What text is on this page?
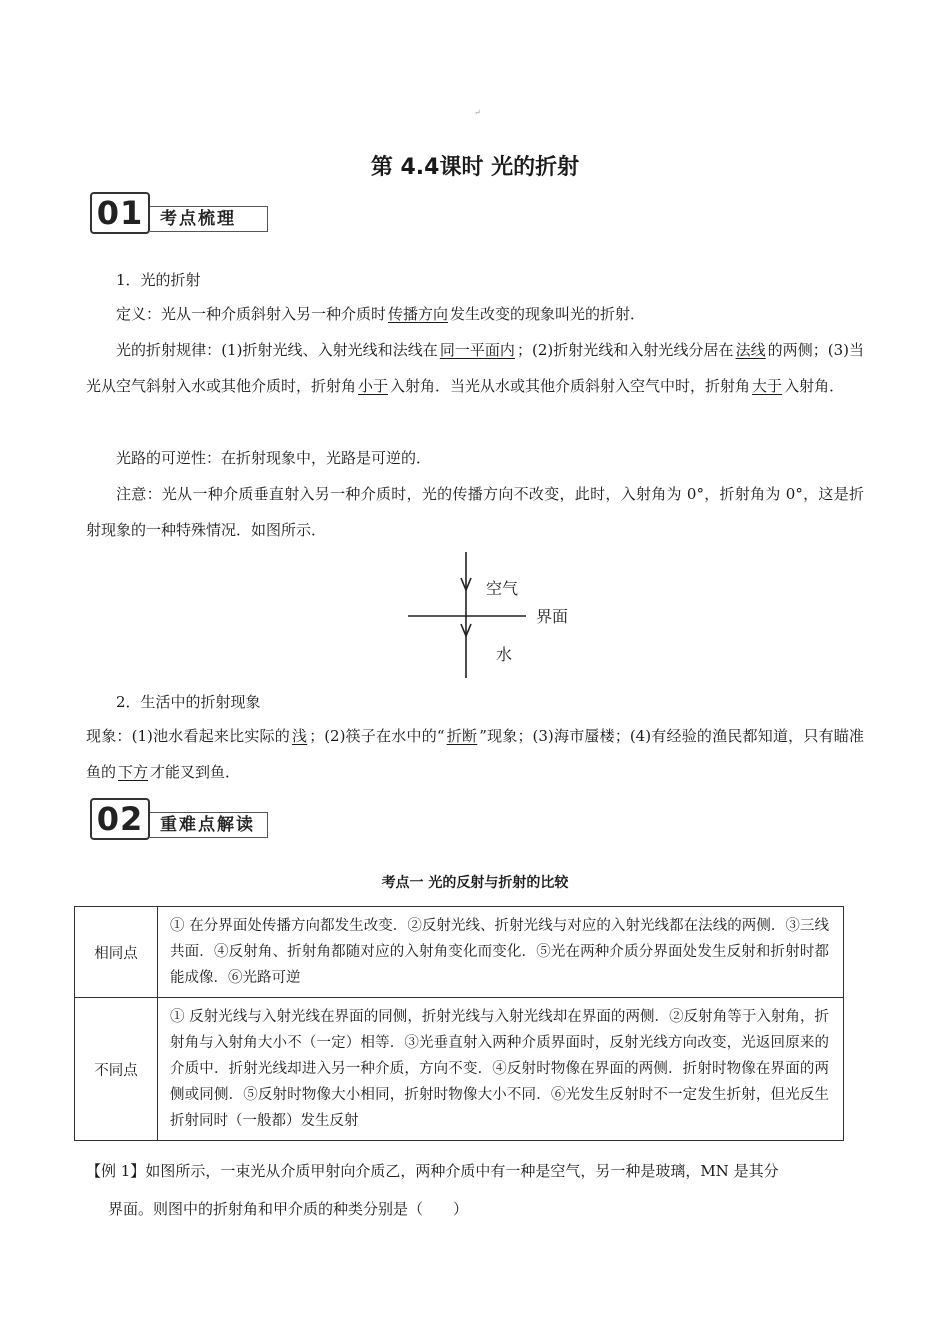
↵
第 4.4课时 光的折射
01 考点梳理
1．光的折射
定义：光从一种介质斜射入另一种介质时 传播方向 发生改变的现象叫光的折射．
光的折射规律：(1)折射光线、入射光线和法线在 同一平面内 ；(2)折射光线和入射光线分居在 法线 的两侧；(3)当光从空气斜射入水或其他介质时，折射角 小于 入射角．当光从水或其他介质斜射入空气中时，折射角 大于 入射角．
光路的可逆性：在折射现象中，光路是可逆的．
注意：光从一种介质垂直射入另一种介质时，光的传播方向不改变，此时，入射角为 0°，折射角为 0°，这是折射现象的一种特殊情况．如图所示．
空气
界面
水
2．生活中的折射现象
现象：(1)池水看起来比实际的 浅 ；(2)筷子在水中的“ 折断 ”现象；(3)海市蜃楼；(4)有经验的渔民都知道，只有瞄准鱼的 下方 才能叉到鱼．
02 重难点解读
考点一 光的反射与折射的比较
相同点	① 在分界面处传播方向都发生改变．②反射光线、折射光线与对应的入射光线都在法线的两侧．③三线共面．④反射角、折射角都随对应的入射角变化而变化．⑤光在两种介质分界面处发生反射和折射时都能成像．⑥光路可逆
不同点	① 反射光线与入射光线在界面的同侧，折射光线与入射光线却在界面的两侧．②反射角等于入射角，折射角与入射角大小不（一定）相等．③光垂直射入两种介质界面时，反射光线方向改变，光返回原来的介质中．折射光线却进入另一种介质，方向不变．④反射时物像在界面的两侧．折射时物像在界面的两侧或同侧．⑤反射时物像大小相同，折射时物像大小不同．⑥光发生反射时不一定发生折射，但光反生折射同时（一般都）发生反射
【例 1】如图所示，一束光从介质甲射向介质乙，两种介质中有一种是空气，另一种是玻璃，MN 是其分
界面。则图中的折射角和甲介质的种类分别是（　　）
